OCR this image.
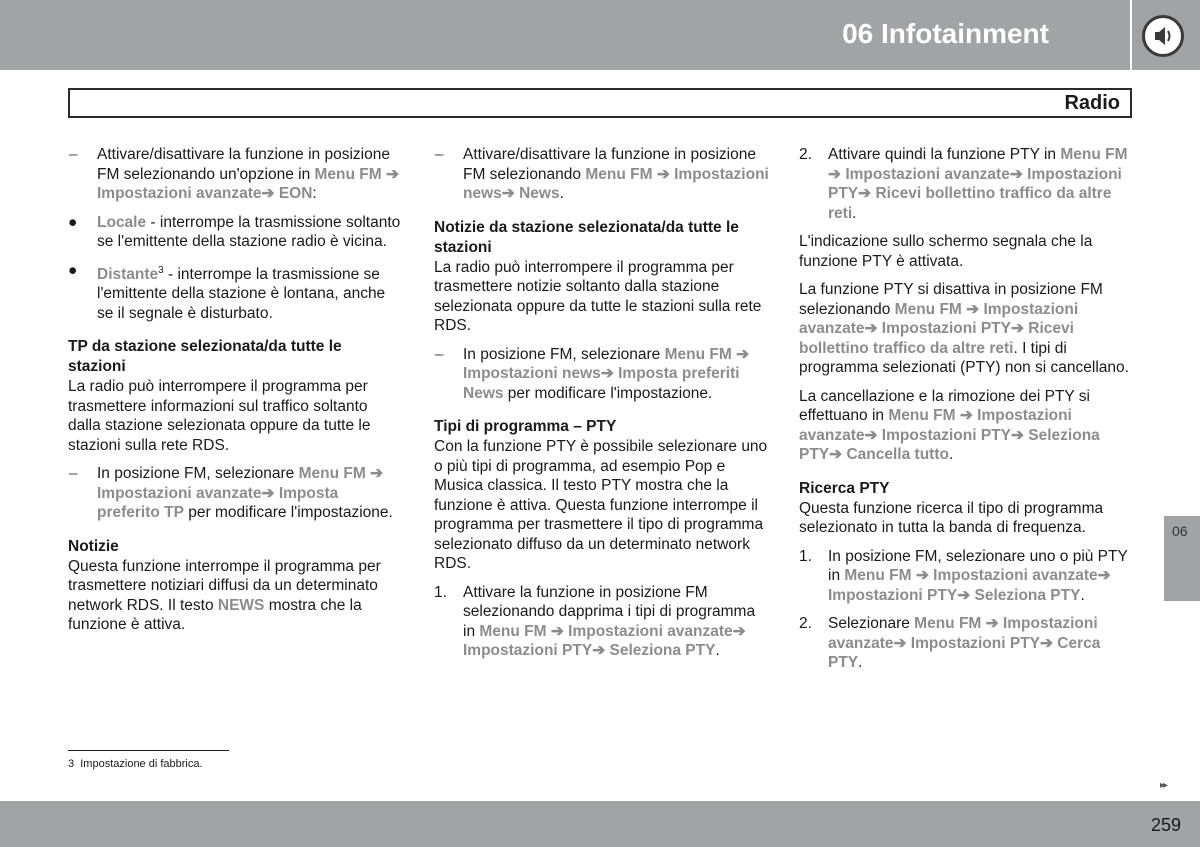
06 Infotainment
Radio
– Attivare/disattivare la funzione in posizione FM selezionando un'opzione in Menu FM ➔ Impostazioni avanzate➔ EON:
● Locale - interrompe la trasmissione soltanto se l'emittente della stazione radio è vicina.
● Distante$^3$ - interrompe la trasmissione se l'emittente della stazione è lontana, anche se il segnale è disturbato.
TP da stazione selezionata/da tutte le stazioni

La radio può interrompere il programma per trasmettere informazioni sul traffico soltanto dalla stazione selezionata oppure da tutte le stazioni sulla rete RDS.

– In posizione FM, selezionare Menu FM ➔ Impostazioni avanzate➔ Imposta preferito TP per modificare l'impostazione.
Notizie

Questa funzione interrompe il programma per trasmettere notiziari diffusi da un determinato network RDS. Il testo NEWS mostra che la funzione è attiva.

– Attivare/disattivare la funzione in posizione FM selezionando Menu FM ➔ Impostazioni news➔ News.
Notizie da stazione selezionata/da tutte le stazioni

La radio può interrompere il programma per trasmettere notizie soltanto dalla stazione selezionata oppure da tutte le stazioni sulla rete RDS.

– In posizione FM, selezionare Menu FM ➔ Impostazioni news➔ Imposta preferiti News per modificare l'impostazione.
Tipi di programma – PTY

Con la funzione PTY è possibile selezionare uno o più tipi di programma, ad esempio Pop e Musica classica. Il testo PTY mostra che la funzione è attiva. Questa funzione interrompe il programma per trasmettere il tipo di programma selezionato diffuso da un determinato network RDS.

1. Attivare la funzione in posizione FM selezionando dapprima i tipi di programma in Menu FM ➔ Impostazioni avanzate➔ Impostazioni PTY➔ Seleziona PTY.
2. Attivare quindi la funzione PTY in Menu FM ➔ Impostazioni avanzate➔ Impostazioni PTY➔ Ricevi bollettino traffico da altre reti.

L'indicazione sullo schermo segnala che la funzione PTY è attivata.

La funzione PTY si disattiva in posizione FM selezionando Menu FM ➔ Impostazioni avanzate➔ Impostazioni PTY➔ Ricevi bollettino traffico da altre reti. I tipi di programma selezionati (PTY) non si cancellano.

La cancellazione e la rimozione dei PTY si effettuano in Menu FM ➔ Impostazioni avanzate➔ Impostazioni PTY➔ Seleziona PTY➔ Cancella tutto.

Ricerca PTY

Questa funzione ricerca il tipo di programma selezionato in tutta la banda di frequenza.

1. In posizione FM, selezionare uno o più PTY in Menu FM ➔ Impostazioni avanzate➔ Impostazioni PTY➔ Seleziona PTY.
2. Selezionare Menu FM ➔ Impostazioni avanzate➔ Impostazioni PTY➔ Cerca PTY.
06
3 Impostazione di fabbrica.
▸▸
259
